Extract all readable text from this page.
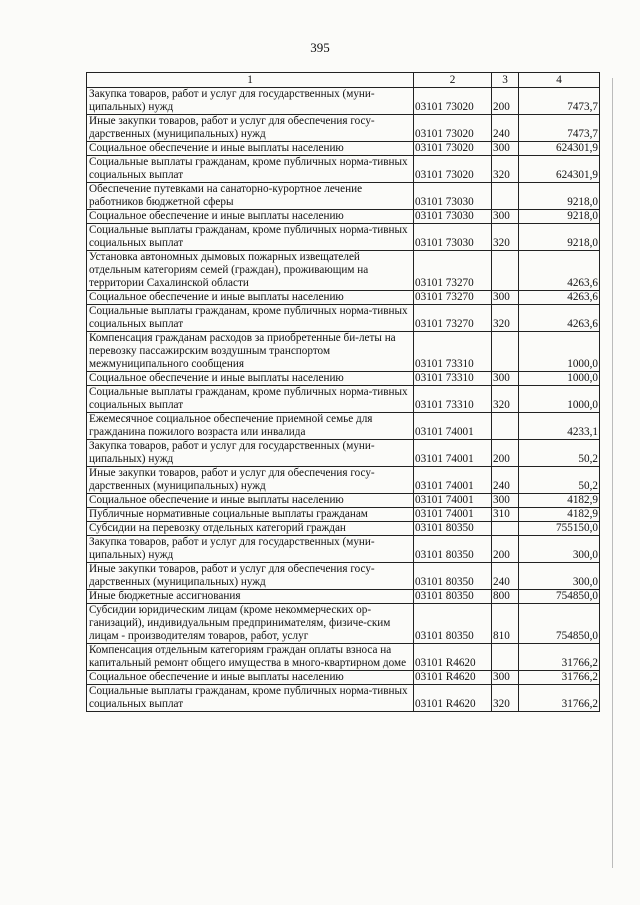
395
1	2	3	4
Закупка товаров, работ и услуг для государственных (муни-ципальных) нужд	03101 73020	200	7473,7
Иные закупки товаров, работ и услуг для обеспечения госу-дарственных (муниципальных) нужд	03101 73020	240	7473,7
Социальное обеспечение и иные выплаты населению	03101 73020	300	624301,9
Социальные выплаты гражданам, кроме публичных норма-тивных социальных выплат	03101 73020	320	624301,9
Обеспечение путевками на санаторно-курортное лечение работников бюджетной сферы	03101 73030		9218,0
Социальное обеспечение и иные выплаты населению	03101 73030	300	9218,0
Социальные выплаты гражданам, кроме публичных норма-тивных социальных выплат	03101 73030	320	9218,0
Установка автономных дымовых пожарных извещателей отдельным категориям семей (граждан), проживающим на территории Сахалинской области	03101 73270		4263,6
Социальное обеспечение и иные выплаты населению	03101 73270	300	4263,6
Социальные выплаты гражданам, кроме публичных норма-тивных социальных выплат	03101 73270	320	4263,6
Компенсация гражданам расходов за приобретенные би-леты на перевозку пассажирским воздушным транспортом межмуниципального сообщения	03101 73310		1000,0
Социальное обеспечение и иные выплаты населению	03101 73310	300	1000,0
Социальные выплаты гражданам, кроме публичных норма-тивных социальных выплат	03101 73310	320	1000,0
Ежемесячное социальное обеспечение приемной семье для гражданина пожилого возраста или инвалида	03101 74001		4233,1
Закупка товаров, работ и услуг для государственных (муни-ципальных) нужд	03101 74001	200	50,2
Иные закупки товаров, работ и услуг для обеспечения госу-дарственных (муниципальных) нужд	03101 74001	240	50,2
Социальное обеспечение и иные выплаты населению	03101 74001	300	4182,9
Публичные нормативные социальные выплаты гражданам	03101 74001	310	4182,9
Субсидии на перевозку отдельных категорий граждан	03101 80350		755150,0
Закупка товаров, работ и услуг для государственных (муни-ципальных) нужд	03101 80350	200	300,0
Иные закупки товаров, работ и услуг для обеспечения госу-дарственных (муниципальных) нужд	03101 80350	240	300,0
Иные бюджетные ассигнования	03101 80350	800	754850,0
Субсидии юридическим лицам (кроме некоммерческих ор-ганизаций), индивидуальным предпринимателям, физиче-ским лицам - производителям товаров, работ, услуг	03101 80350	810	754850,0
Компенсация отдельным категориям граждан оплаты взноса на капитальный ремонт общего имущества в много-квартирном доме	03101 R4620		31766,2
Социальное обеспечение и иные выплаты населению	03101 R4620	300	31766,2
Социальные выплаты гражданам, кроме публичных норма-тивных социальных выплат	03101 R4620	320	31766,2
